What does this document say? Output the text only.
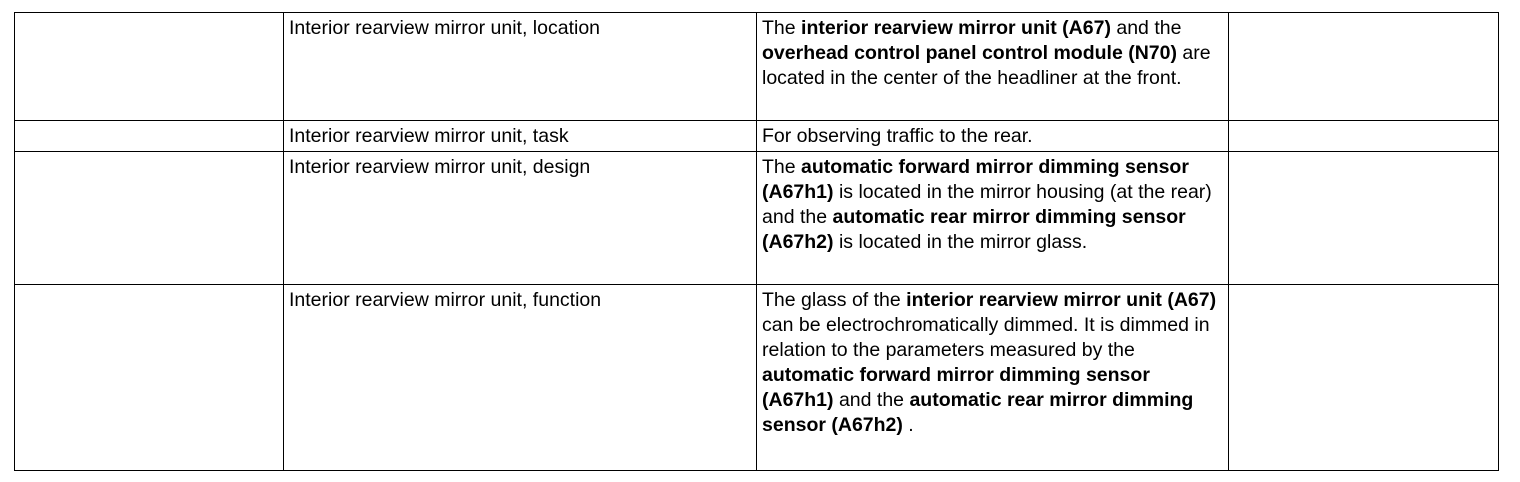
	Interior rearview mirror unit, location	The interior rearview mirror unit (A67) and the overhead control panel control module (N70) are located in the center of the headliner at the front.	
	Interior rearview mirror unit, task	For observing traffic to the rear.	
	Interior rearview mirror unit, design	The automatic forward mirror dimming sensor (A67h1) is located in the mirror housing (at the rear) and the automatic rear mirror dimming sensor (A67h2) is located in the mirror glass.	
	Interior rearview mirror unit, function	The glass of the interior rearview mirror unit (A67) can be electrochromatically dimmed. It is dimmed in relation to the parameters measured by the automatic forward mirror dimming sensor (A67h1) and the automatic rear mirror dimming sensor (A67h2) .	
